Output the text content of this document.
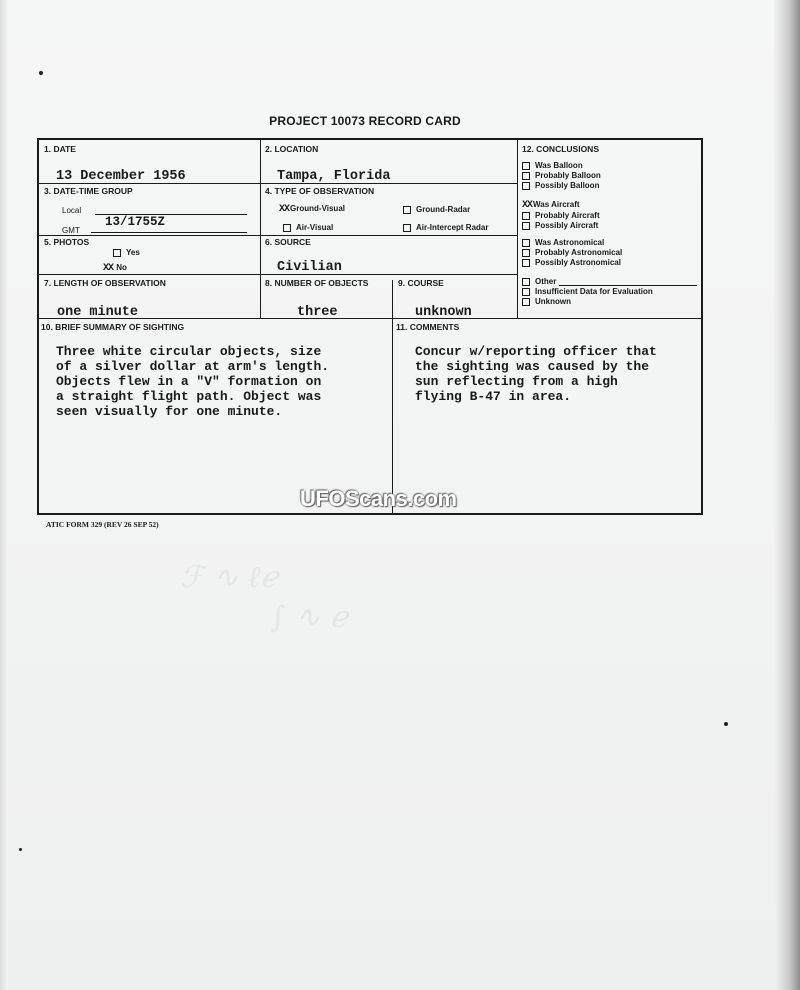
ℱ ∿ ℓℯ
∫ ∿ ℯ
PROJECT 10073 RECORD CARD
1. DATE
13 December 1956
2. LOCATION
Tampa, Florida
3. DATE-TIME GROUP
Local
GMT
13/1755Z
4. TYPE OF OBSERVATION
XXGround-Visual	Ground-Radar
Air-Visual	Air-Intercept Radar
5. PHOTOS
Yes
XX No
6. SOURCE
Civilian
7. LENGTH OF OBSERVATION
one minute
8. NUMBER OF OBJECTS
three
9. COURSE
unknown
10. BRIEF SUMMARY OF SIGHTING
Three white circular objects, size
of a silver dollar at arm's length.
Objects flew in a "V" formation on
a straight flight path. Object was
seen visually for one minute.
11. COMMENTS
Concur w/reporting officer that
the sighting was caused by the
sun reflecting from a high
flying B-47 in area.
12. CONCLUSIONS
Was Balloon
Probably Balloon
Possibly Balloon
XXWas Aircraft
Probably Aircraft
Possibly Aircraft
Was Astronomical
Probably Astronomical
Possibly Astronomical
Other
Insufficient Data for Evaluation
Unknown
UFOScans.com
ATIC FORM 329 (REV 26 SEP 52)
